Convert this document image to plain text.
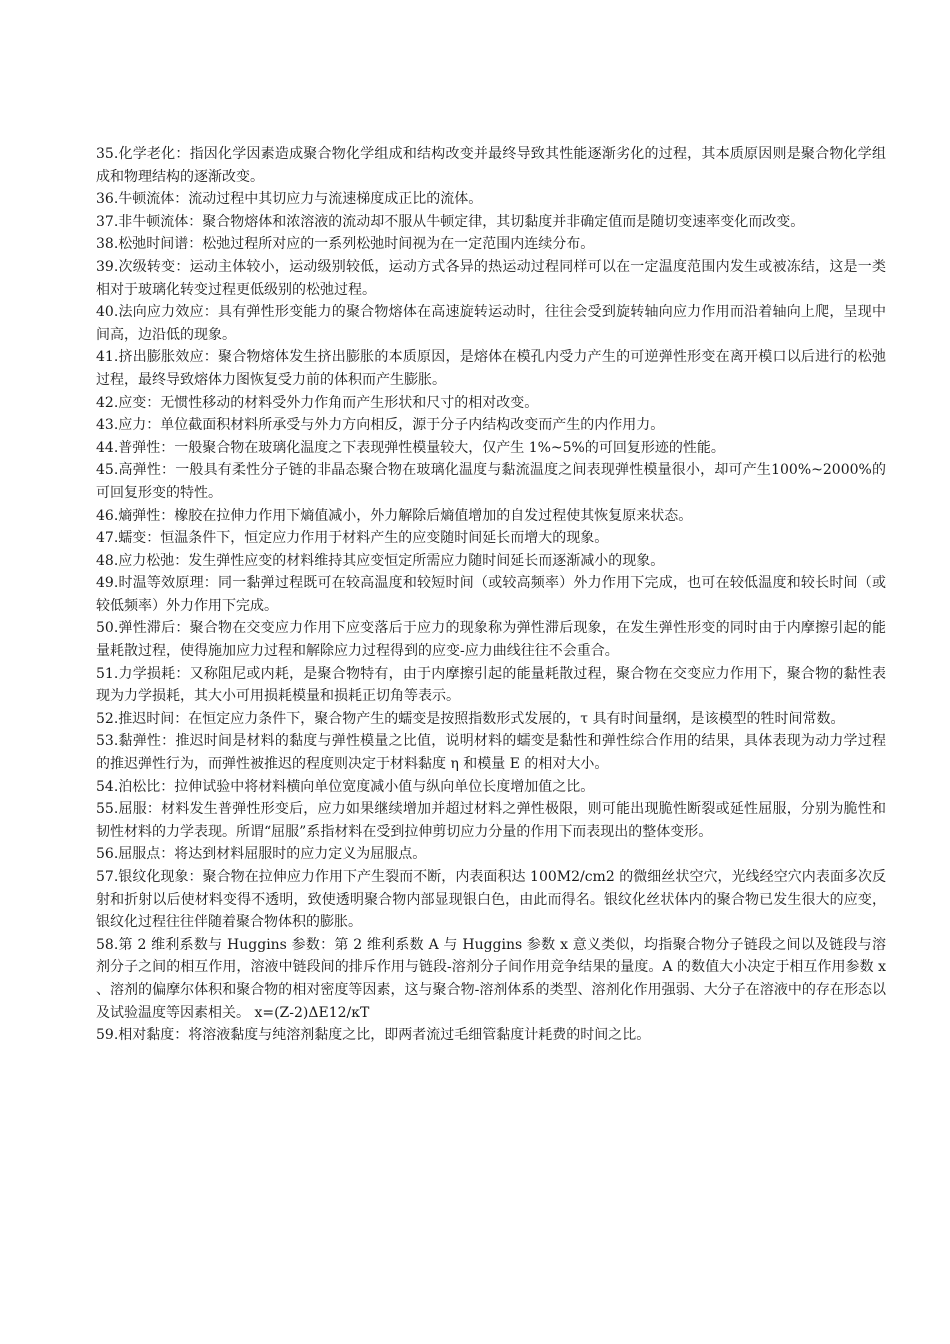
35.化学老化：指因化学因素造成聚合物化学组成和结构改变并最终导致其性能逐渐劣化的过程，其本质原因则是聚合物化学组成和物理结构的逐渐改变。

36.牛顿流体：流动过程中其切应力与流速梯度成正比的流体。

37.非牛顿流体：聚合物熔体和浓溶液的流动却不服从牛顿定律，其切黏度并非确定值而是随切变速率变化而改变。

38.松弛时间谱：松弛过程所对应的一系列松弛时间视为在一定范围内连续分布。

39.次级转变：运动主体较小，运动级别较低，运动方式各异的热运动过程同样可以在一定温度范围内发生或被冻结，这是一类相对于玻璃化转变过程更低级别的松弛过程。

40.法向应力效应：具有弹性形变能力的聚合物熔体在高速旋转运动时，往往会受到旋转轴向应力作用而沿着轴向上爬，呈现中间高，边沿低的现象。

41.挤出膨胀效应：聚合物熔体发生挤出膨胀的本质原因，是熔体在模孔内受力产生的可逆弹性形变在离开模口以后进行的松弛过程，最终导致熔体力图恢复受力前的体积而产生膨胀。

42.应变：无惯性移动的材料受外力作角而产生形状和尺寸的相对改变。

43.应力：单位截面积材料所承受与外力方向相反，源于分子内结构改变而产生的内作用力。

44.普弹性：一般聚合物在玻璃化温度之下表现弹性模量较大，仅产生 1%~5%的可回复形迹的性能。

45.高弹性：一般具有柔性分子链的非晶态聚合物在玻璃化温度与黏流温度之间表现弹性模量很小，却可产生100%~2000%的可回复形变的特性。

46.熵弹性：橡胶在拉伸力作用下熵值减小，外力解除后熵值增加的自发过程使其恢复原来状态。

47.蠕变：恒温条件下，恒定应力作用于材料产生的应变随时间延长而增大的现象。

48.应力松弛：发生弹性应变的材料维持其应变恒定所需应力随时间延长而逐渐减小的现象。

49.时温等效原理：同一黏弹过程既可在较高温度和较短时间（或较高频率）外力作用下完成，也可在较低温度和较长时间（或较低频率）外力作用下完成。

50.弹性滞后：聚合物在交变应力作用下应变落后于应力的现象称为弹性滞后现象，在发生弹性形变的同时由于内摩擦引起的能量耗散过程，使得施加应力过程和解除应力过程得到的应变-应力曲线往往不会重合。

51.力学损耗：又称阻尼或内耗，是聚合物特有，由于内摩擦引起的能量耗散过程，聚合物在交变应力作用下，聚合物的黏性表现为力学损耗，其大小可用损耗模量和损耗正切角等表示。

52.推迟时间：在恒定应力条件下，聚合物产生的蠕变是按照指数形式发展的，τ 具有时间量纲，是该模型的牲时间常数。

53.黏弹性：推迟时间是材料的黏度与弹性模量之比值，说明材料的蠕变是黏性和弹性综合作用的结果，具体表现为动力学过程的推迟弹性行为，而弹性被推迟的程度则决定于材料黏度 η 和模量 E 的相对大小。

54.泊松比：拉伸试验中将材料横向单位宽度减小值与纵向单位长度增加值之比。

55.屈服：材料发生普弹性形变后，应力如果继续增加并超过材料之弹性极限，则可能出现脆性断裂或延性屈服，分别为脆性和韧性材料的力学表现。所谓“屈服”系指材料在受到拉伸剪切应力分量的作用下而表现出的整体变形。

56.屈服点：将达到材料屈服时的应力定义为屈服点。

57.银纹化现象：聚合物在拉伸应力作用下产生裂而不断，内表面积达 100M2/cm2 的微细丝状空穴，光线经空穴内表面多次反射和折射以后使材料变得不透明，致使透明聚合物内部显现银白色，由此而得名。银纹化丝状体内的聚合物已发生很大的应变，银纹化过程往往伴随着聚合物体积的膨胀。

58.第 2 维利系数与 Huggins 参数：第 2 维利系数 A 与 Huggins 参数 x 意义类似，均指聚合物分子链段之间以及链段与溶剂分子之间的相互作用，溶液中链段间的排斥作用与链段-溶剂分子间作用竞争结果的量度。A 的数值大小决定于相互作用参数 x 、溶剂的偏摩尔体积和聚合物的相对密度等因素，这与聚合物-溶剂体系的类型、溶剂化作用强弱、大分子在溶液中的存在形态以及试验温度等因素相关。 x=(Z-2)ΔE12/κT

59.相对黏度：将溶液黏度与纯溶剂黏度之比，即两者流过毛细管黏度计耗费的时间之比。
